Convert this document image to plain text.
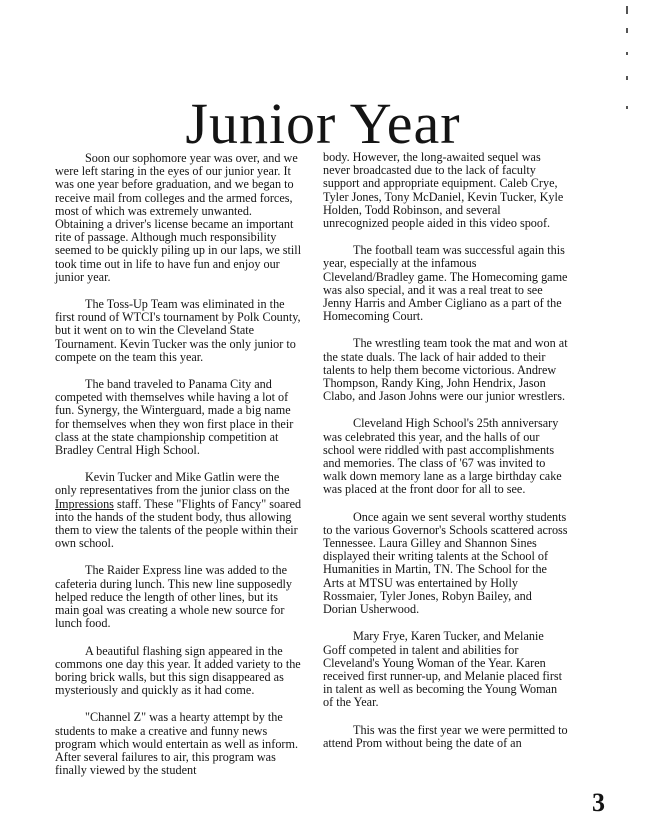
Junior Year

Soon our sophomore year was over, and we were left staring in the eyes of our junior year. It was one year before graduation, and we began to receive mail from colleges and the armed forces, most of which was extremely unwanted. Obtaining a driver's license became an important rite of passage. Although much responsibility seemed to be quickly piling up in our laps, we still took time out in life to have fun and enjoy our junior year.

The Toss-Up Team was eliminated in the first round of WTCI's tournament by Polk County, but it went on to win the Cleveland State Tournament. Kevin Tucker was the only junior to compete on the team this year.

The band traveled to Panama City and competed with themselves while having a lot of fun. Synergy, the Winterguard, made a big name for themselves when they won first place in their class at the state championship competition at Bradley Central High School.

Kevin Tucker and Mike Gatlin were the only representatives from the junior class on the Impressions staff. These "Flights of Fancy" soared into the hands of the student body, thus allowing them to view the talents of the people within their own school.

The Raider Express line was added to the cafeteria during lunch. This new line supposedly helped reduce the length of other lines, but its main goal was creating a whole new source for lunch food.

A beautiful flashing sign appeared in the commons one day this year. It added variety to the boring brick walls, but this sign disappeared as mysteriously and quickly as it had come.

"Channel Z" was a hearty attempt by the students to make a creative and funny news program which would entertain as well as inform. After several failures to air, this program was finally viewed by the student

body. However, the long-awaited sequel was never broadcasted due to the lack of faculty support and appropriate equipment. Caleb Crye, Tyler Jones, Tony McDaniel, Kevin Tucker, Kyle Holden, Todd Robinson, and several unrecognized people aided in this video spoof.

The football team was successful again this year, especially at the infamous Cleveland/Bradley game. The Homecoming game was also special, and it was a real treat to see Jenny Harris and Amber Cigliano as a part of the Homecoming Court.

The wrestling team took the mat and won at the state duals. The lack of hair added to their talents to help them become victorious. Andrew Thompson, Randy King, John Hendrix, Jason Clabo, and Jason Johns were our junior wrestlers.

Cleveland High School's 25th anniversary was celebrated this year, and the halls of our school were riddled with past accomplishments and memories. The class of '67 was invited to walk down memory lane as a large birthday cake was placed at the front door for all to see.

Once again we sent several worthy students to the various Governor's Schools scattered across Tennessee. Laura Gilley and Shannon Sines displayed their writing talents at the School of Humanities in Martin, TN. The School for the Arts at MTSU was entertained by Holly Rossmaier, Tyler Jones, Robyn Bailey, and Dorian Usherwood.

Mary Frye, Karen Tucker, and Melanie Goff competed in talent and abilities for Cleveland's Young Woman of the Year. Karen received first runner-up, and Melanie placed first in talent as well as becoming the Young Woman of the Year.

This was the first year we were permitted to attend Prom without being the date of an

3
